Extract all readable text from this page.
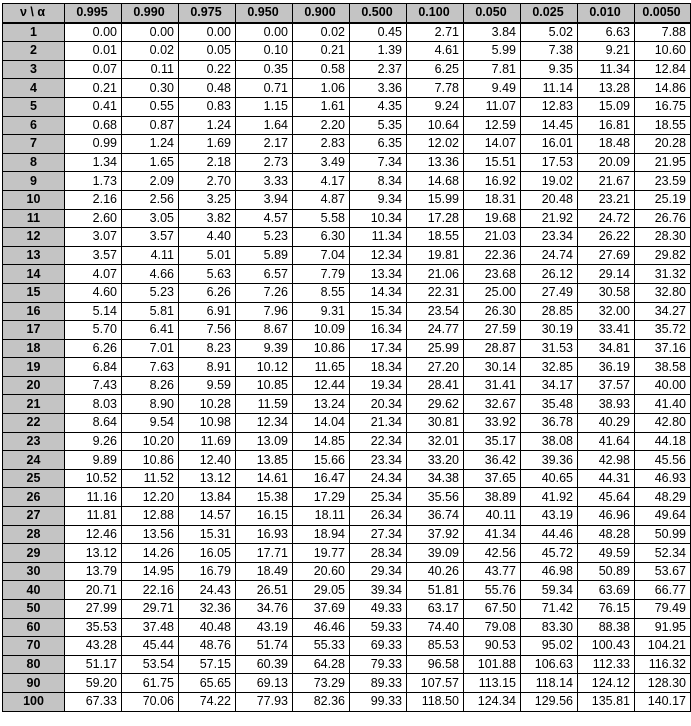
ν \ α	0.995	0.990	0.975	0.950	0.900	0.500	0.100	0.050	0.025	0.010	0.0050
1	0.00	0.00	0.00	0.00	0.02	0.45	2.71	3.84	5.02	6.63	7.88
2	0.01	0.02	0.05	0.10	0.21	1.39	4.61	5.99	7.38	9.21	10.60
3	0.07	0.11	0.22	0.35	0.58	2.37	6.25	7.81	9.35	11.34	12.84
4	0.21	0.30	0.48	0.71	1.06	3.36	7.78	9.49	11.14	13.28	14.86
5	0.41	0.55	0.83	1.15	1.61	4.35	9.24	11.07	12.83	15.09	16.75
6	0.68	0.87	1.24	1.64	2.20	5.35	10.64	12.59	14.45	16.81	18.55
7	0.99	1.24	1.69	2.17	2.83	6.35	12.02	14.07	16.01	18.48	20.28
8	1.34	1.65	2.18	2.73	3.49	7.34	13.36	15.51	17.53	20.09	21.95
9	1.73	2.09	2.70	3.33	4.17	8.34	14.68	16.92	19.02	21.67	23.59
10	2.16	2.56	3.25	3.94	4.87	9.34	15.99	18.31	20.48	23.21	25.19
11	2.60	3.05	3.82	4.57	5.58	10.34	17.28	19.68	21.92	24.72	26.76
12	3.07	3.57	4.40	5.23	6.30	11.34	18.55	21.03	23.34	26.22	28.30
13	3.57	4.11	5.01	5.89	7.04	12.34	19.81	22.36	24.74	27.69	29.82
14	4.07	4.66	5.63	6.57	7.79	13.34	21.06	23.68	26.12	29.14	31.32
15	4.60	5.23	6.26	7.26	8.55	14.34	22.31	25.00	27.49	30.58	32.80
16	5.14	5.81	6.91	7.96	9.31	15.34	23.54	26.30	28.85	32.00	34.27
17	5.70	6.41	7.56	8.67	10.09	16.34	24.77	27.59	30.19	33.41	35.72
18	6.26	7.01	8.23	9.39	10.86	17.34	25.99	28.87	31.53	34.81	37.16
19	6.84	7.63	8.91	10.12	11.65	18.34	27.20	30.14	32.85	36.19	38.58
20	7.43	8.26	9.59	10.85	12.44	19.34	28.41	31.41	34.17	37.57	40.00
21	8.03	8.90	10.28	11.59	13.24	20.34	29.62	32.67	35.48	38.93	41.40
22	8.64	9.54	10.98	12.34	14.04	21.34	30.81	33.92	36.78	40.29	42.80
23	9.26	10.20	11.69	13.09	14.85	22.34	32.01	35.17	38.08	41.64	44.18
24	9.89	10.86	12.40	13.85	15.66	23.34	33.20	36.42	39.36	42.98	45.56
25	10.52	11.52	13.12	14.61	16.47	24.34	34.38	37.65	40.65	44.31	46.93
26	11.16	12.20	13.84	15.38	17.29	25.34	35.56	38.89	41.92	45.64	48.29
27	11.81	12.88	14.57	16.15	18.11	26.34	36.74	40.11	43.19	46.96	49.64
28	12.46	13.56	15.31	16.93	18.94	27.34	37.92	41.34	44.46	48.28	50.99
29	13.12	14.26	16.05	17.71	19.77	28.34	39.09	42.56	45.72	49.59	52.34
30	13.79	14.95	16.79	18.49	20.60	29.34	40.26	43.77	46.98	50.89	53.67
40	20.71	22.16	24.43	26.51	29.05	39.34	51.81	55.76	59.34	63.69	66.77
50	27.99	29.71	32.36	34.76	37.69	49.33	63.17	67.50	71.42	76.15	79.49
60	35.53	37.48	40.48	43.19	46.46	59.33	74.40	79.08	83.30	88.38	91.95
70	43.28	45.44	48.76	51.74	55.33	69.33	85.53	90.53	95.02	100.43	104.21
80	51.17	53.54	57.15	60.39	64.28	79.33	96.58	101.88	106.63	112.33	116.32
90	59.20	61.75	65.65	69.13	73.29	89.33	107.57	113.15	118.14	124.12	128.30
100	67.33	70.06	74.22	77.93	82.36	99.33	118.50	124.34	129.56	135.81	140.17
